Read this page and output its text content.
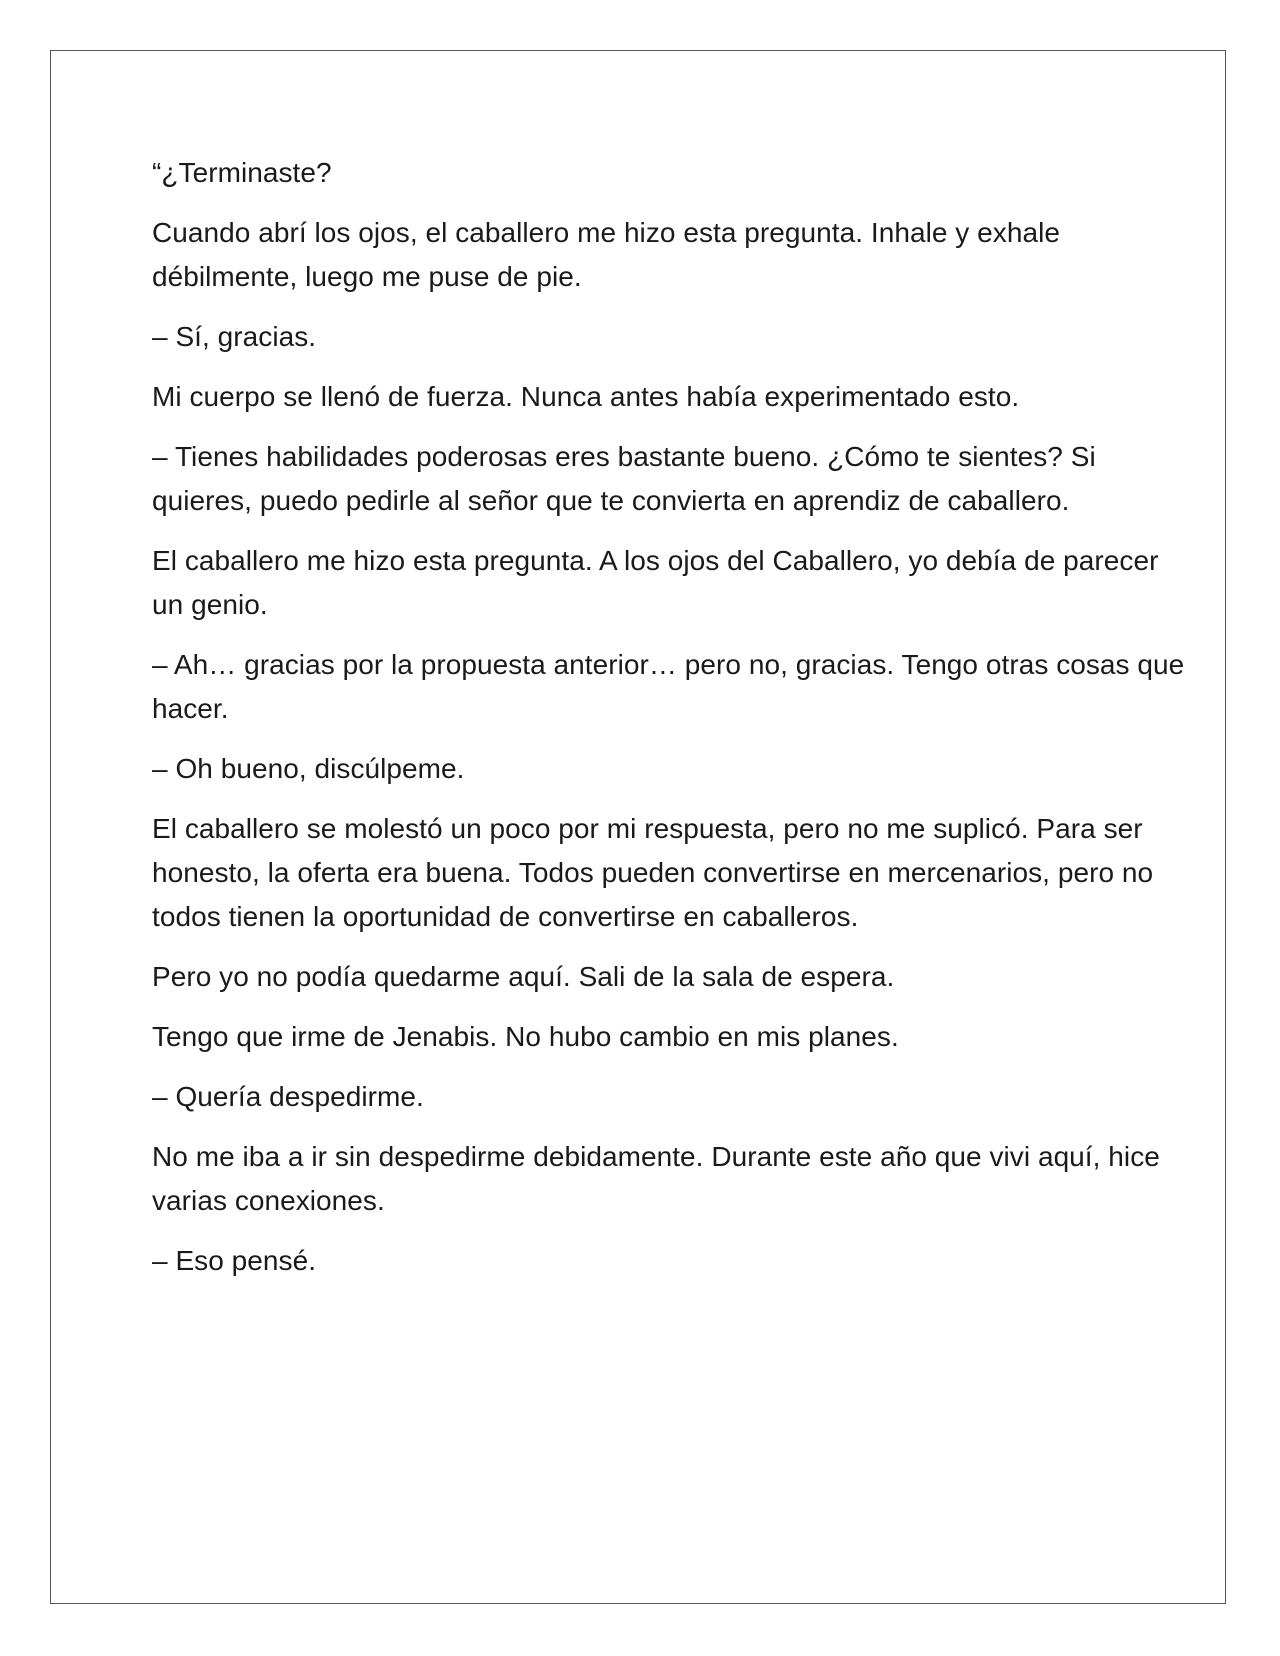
“¿Terminaste?

Cuando abrí los ojos, el caballero me hizo esta pregunta. Inhale y exhale débilmente, luego me puse de pie.

– Sí, gracias.

Mi cuerpo se llenó de fuerza. Nunca antes había experimentado esto.

– Tienes habilidades poderosas eres bastante bueno. ¿Cómo te sientes? Si quieres, puedo pedirle al señor que te convierta en aprendiz de caballero.

El caballero me hizo esta pregunta. A los ojos del Caballero, yo debía de parecer un genio.

– Ah… gracias por la propuesta anterior… pero no, gracias. Tengo otras cosas que hacer.

– Oh bueno, discúlpeme.

El caballero se molestó un poco por mi respuesta, pero no me suplicó. Para ser honesto, la oferta era buena. Todos pueden convertirse en mercenarios, pero no todos tienen la oportunidad de convertirse en caballeros.

Pero yo no podía quedarme aquí. Sali de la sala de espera.

Tengo que irme de Jenabis. No hubo cambio en mis planes.

– Quería despedirme.

No me iba a ir sin despedirme debidamente. Durante este año que vivi aquí, hice varias conexiones.

– Eso pensé.
